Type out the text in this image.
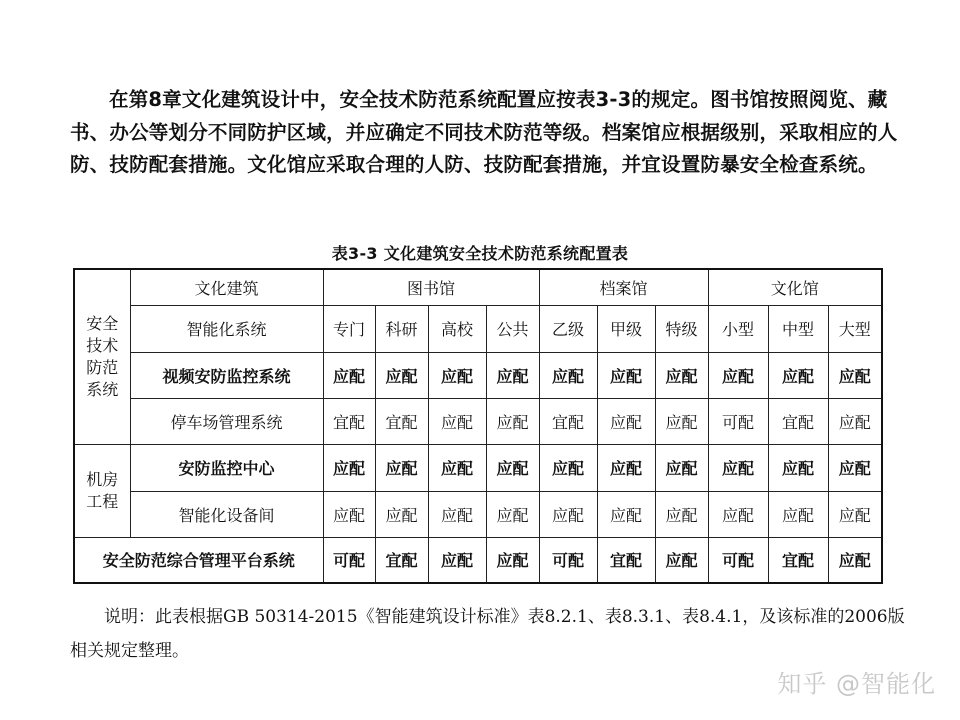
在第8章文化建筑设计中，安全技术防范系统配置应按表3-3的规定。图书馆按照阅览、藏书、办公等划分不同防护区域，并应确定不同技术防范等级。档案馆应根据级别，采取相应的人防、技防配套措施。文化馆应采取合理的人防、技防配套措施，并宜设置防暴安全检查系统。

表3-3 文化建筑安全技术防范系统配置表
安全
技术
防范
系统	文化建筑	图书馆				档案馆			文化馆		
	智能化系统	专门	科研	高校	公共	乙级	甲级	特级	小型	中型	大型
	视频安防监控系统	应配	应配	应配	应配	应配	应配	应配	应配	应配	应配
	停车场管理系统	宜配	宜配	应配	应配	宜配	应配	应配	可配	宜配	应配

机房
工程	安防监控中心	应配	应配	应配	应配	应配	应配	应配	应配	应配	应配
	智能化设备间	应配	应配	应配	应配	应配	应配	应配	应配	应配	应配
安全防范综合管理平台系统		可配	宜配	应配	应配	可配	宜配	应配	可配	宜配	应配

说明：此表根据GB 50314-2015《智能建筑设计标准》表8.2.1、表8.3.1、表8.4.1，及该标准的2006版相关规定整理。

知乎 @智能化
